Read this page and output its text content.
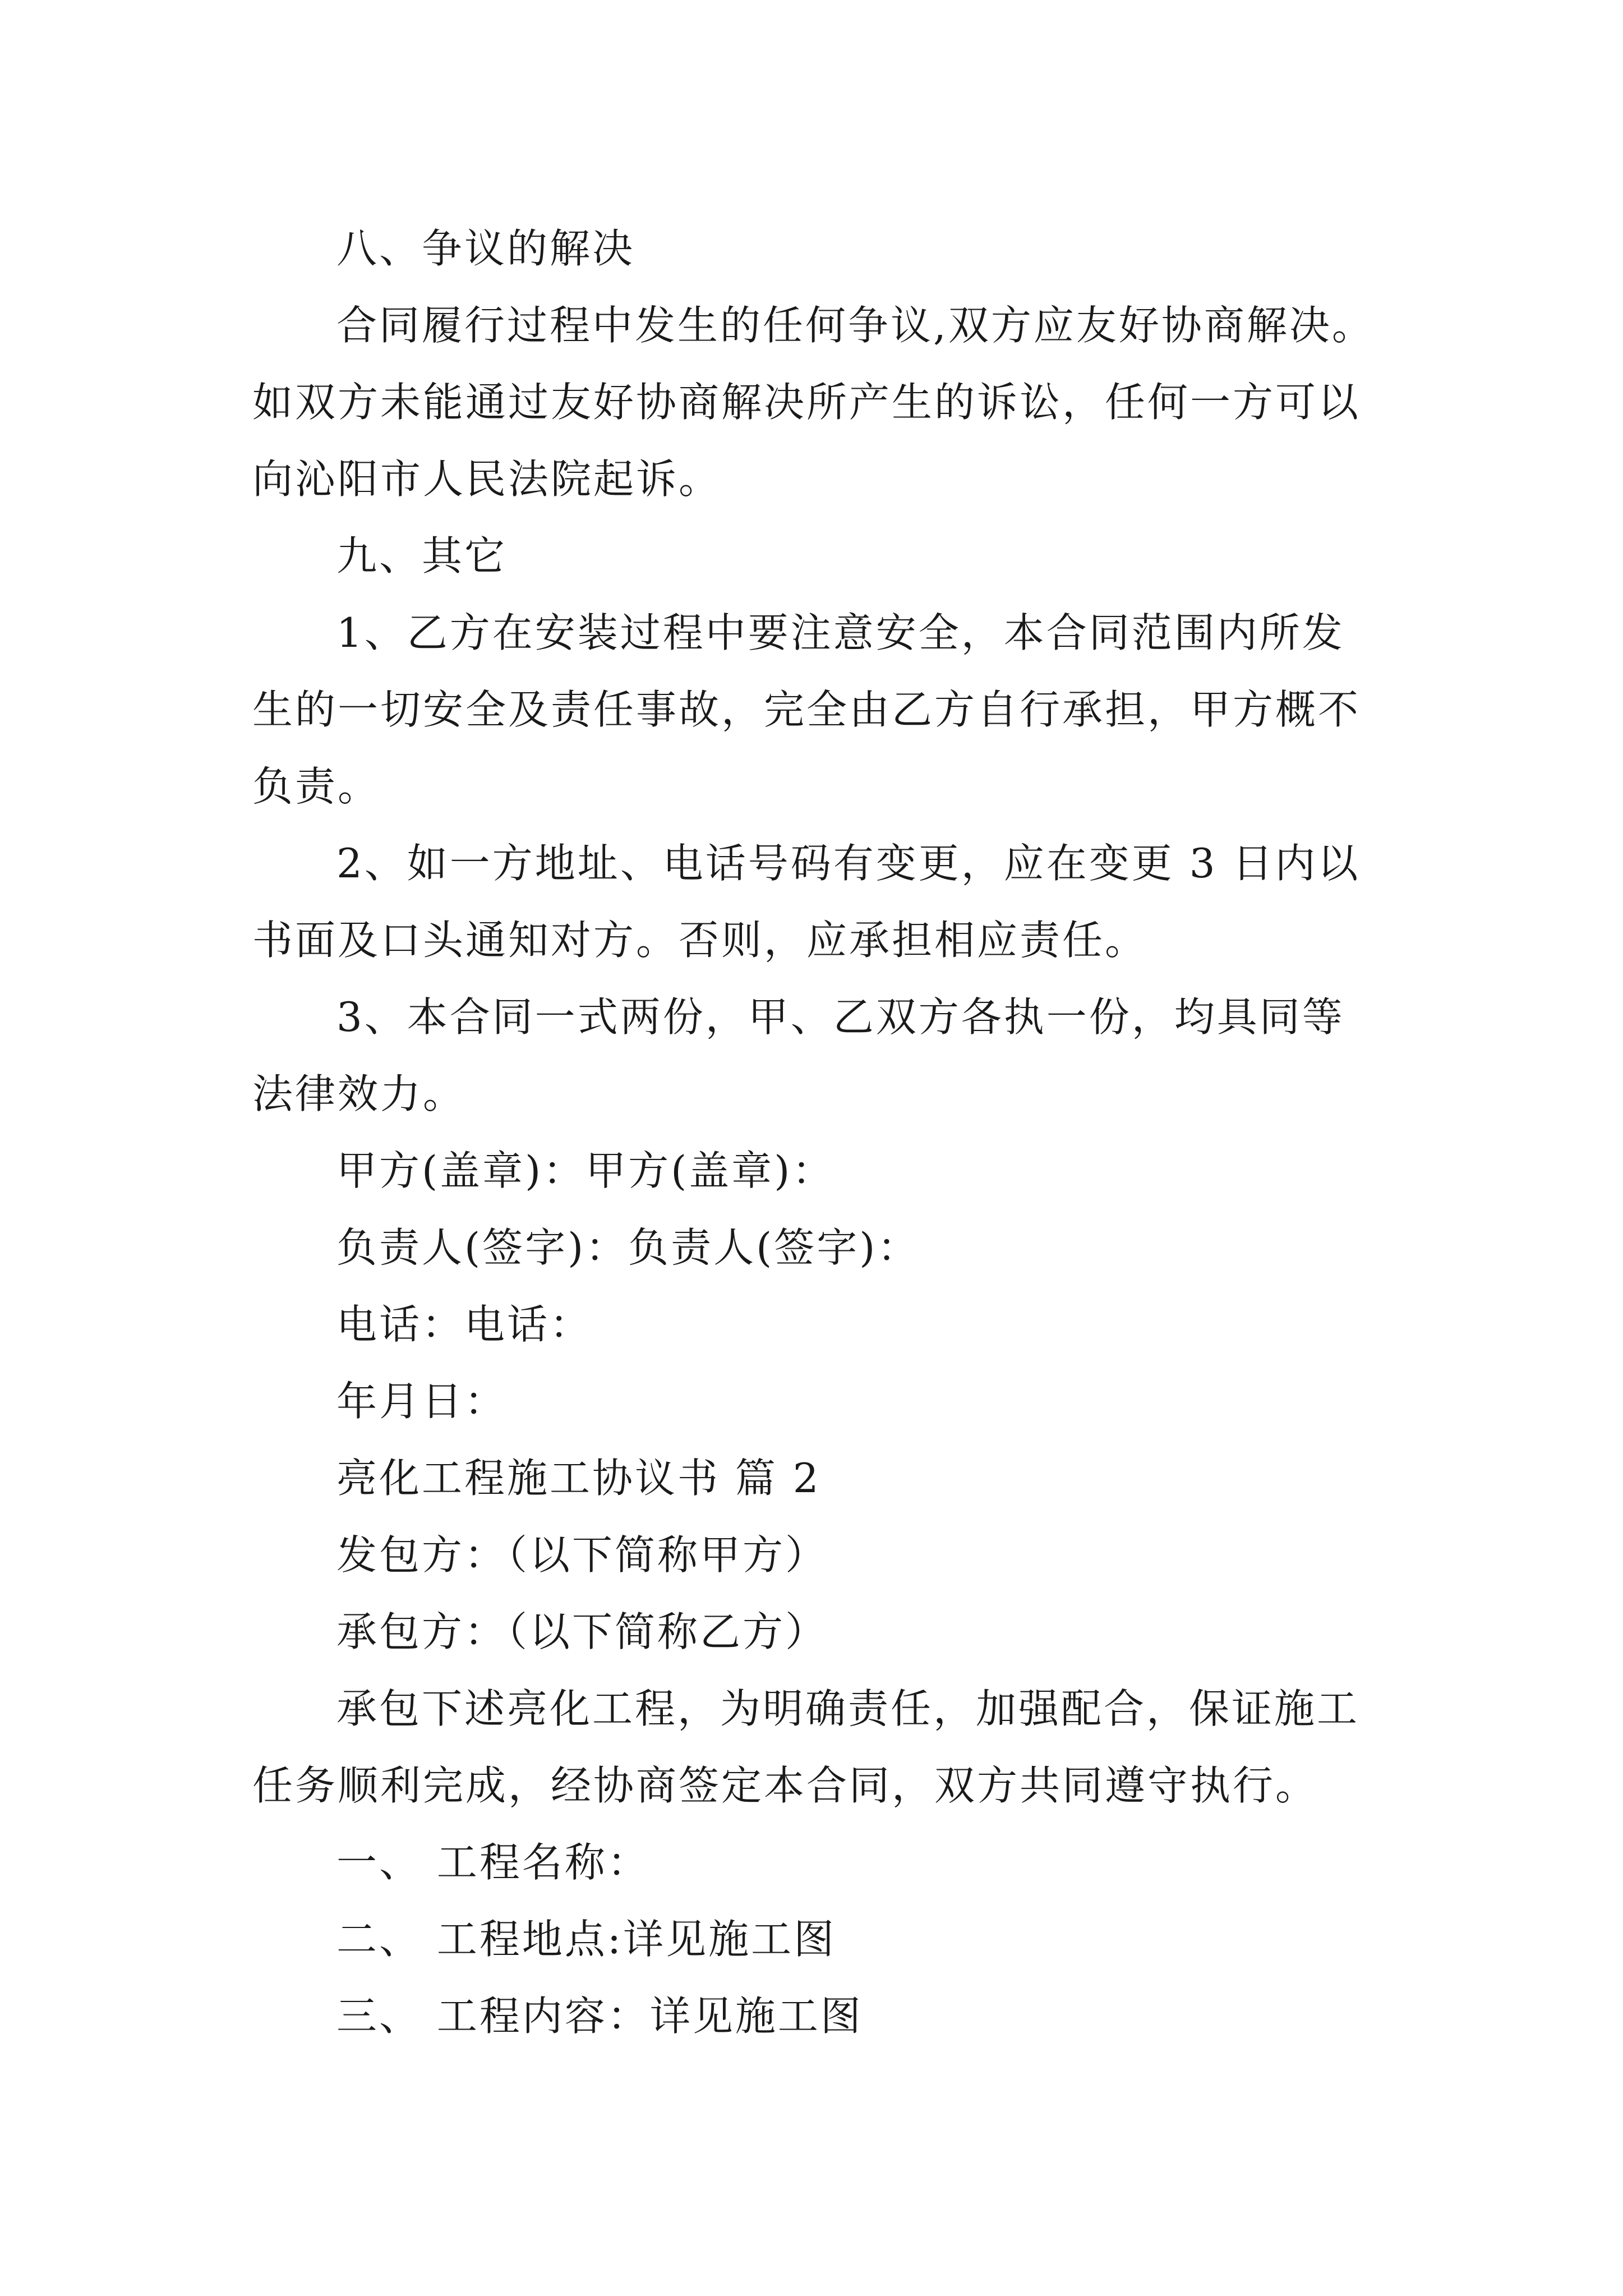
八、争议的解决
合同履行过程中发生的任何争议,双方应友好协商解决。
如双方未能通过友好协商解决所产生的诉讼，任何一方可以
向沁阳市人民法院起诉。
九、其它
1、乙方在安装过程中要注意安全，本合同范围内所发
生的一切安全及责任事故，完全由乙方自行承担，甲方概不
负责。
2、如一方地址、电话号码有变更，应在变更 3 日内以
书面及口头通知对方。否则，应承担相应责任。
3、本合同一式两份，甲、乙双方各执一份，均具同等
法律效力。
甲方(盖章)：甲方(盖章)：
负责人(签字)：负责人(签字)：
电话：电话：
年月日：
亮化工程施工协议书 篇 2
发包方：（以下简称甲方）
承包方：（以下简称乙方）
承包下述亮化工程，为明确责任，加强配合，保证施工
任务顺利完成，经协商签定本合同，双方共同遵守执行。
一、 工程名称：
二、 工程地点:详见施工图
三、 工程内容：详见施工图
